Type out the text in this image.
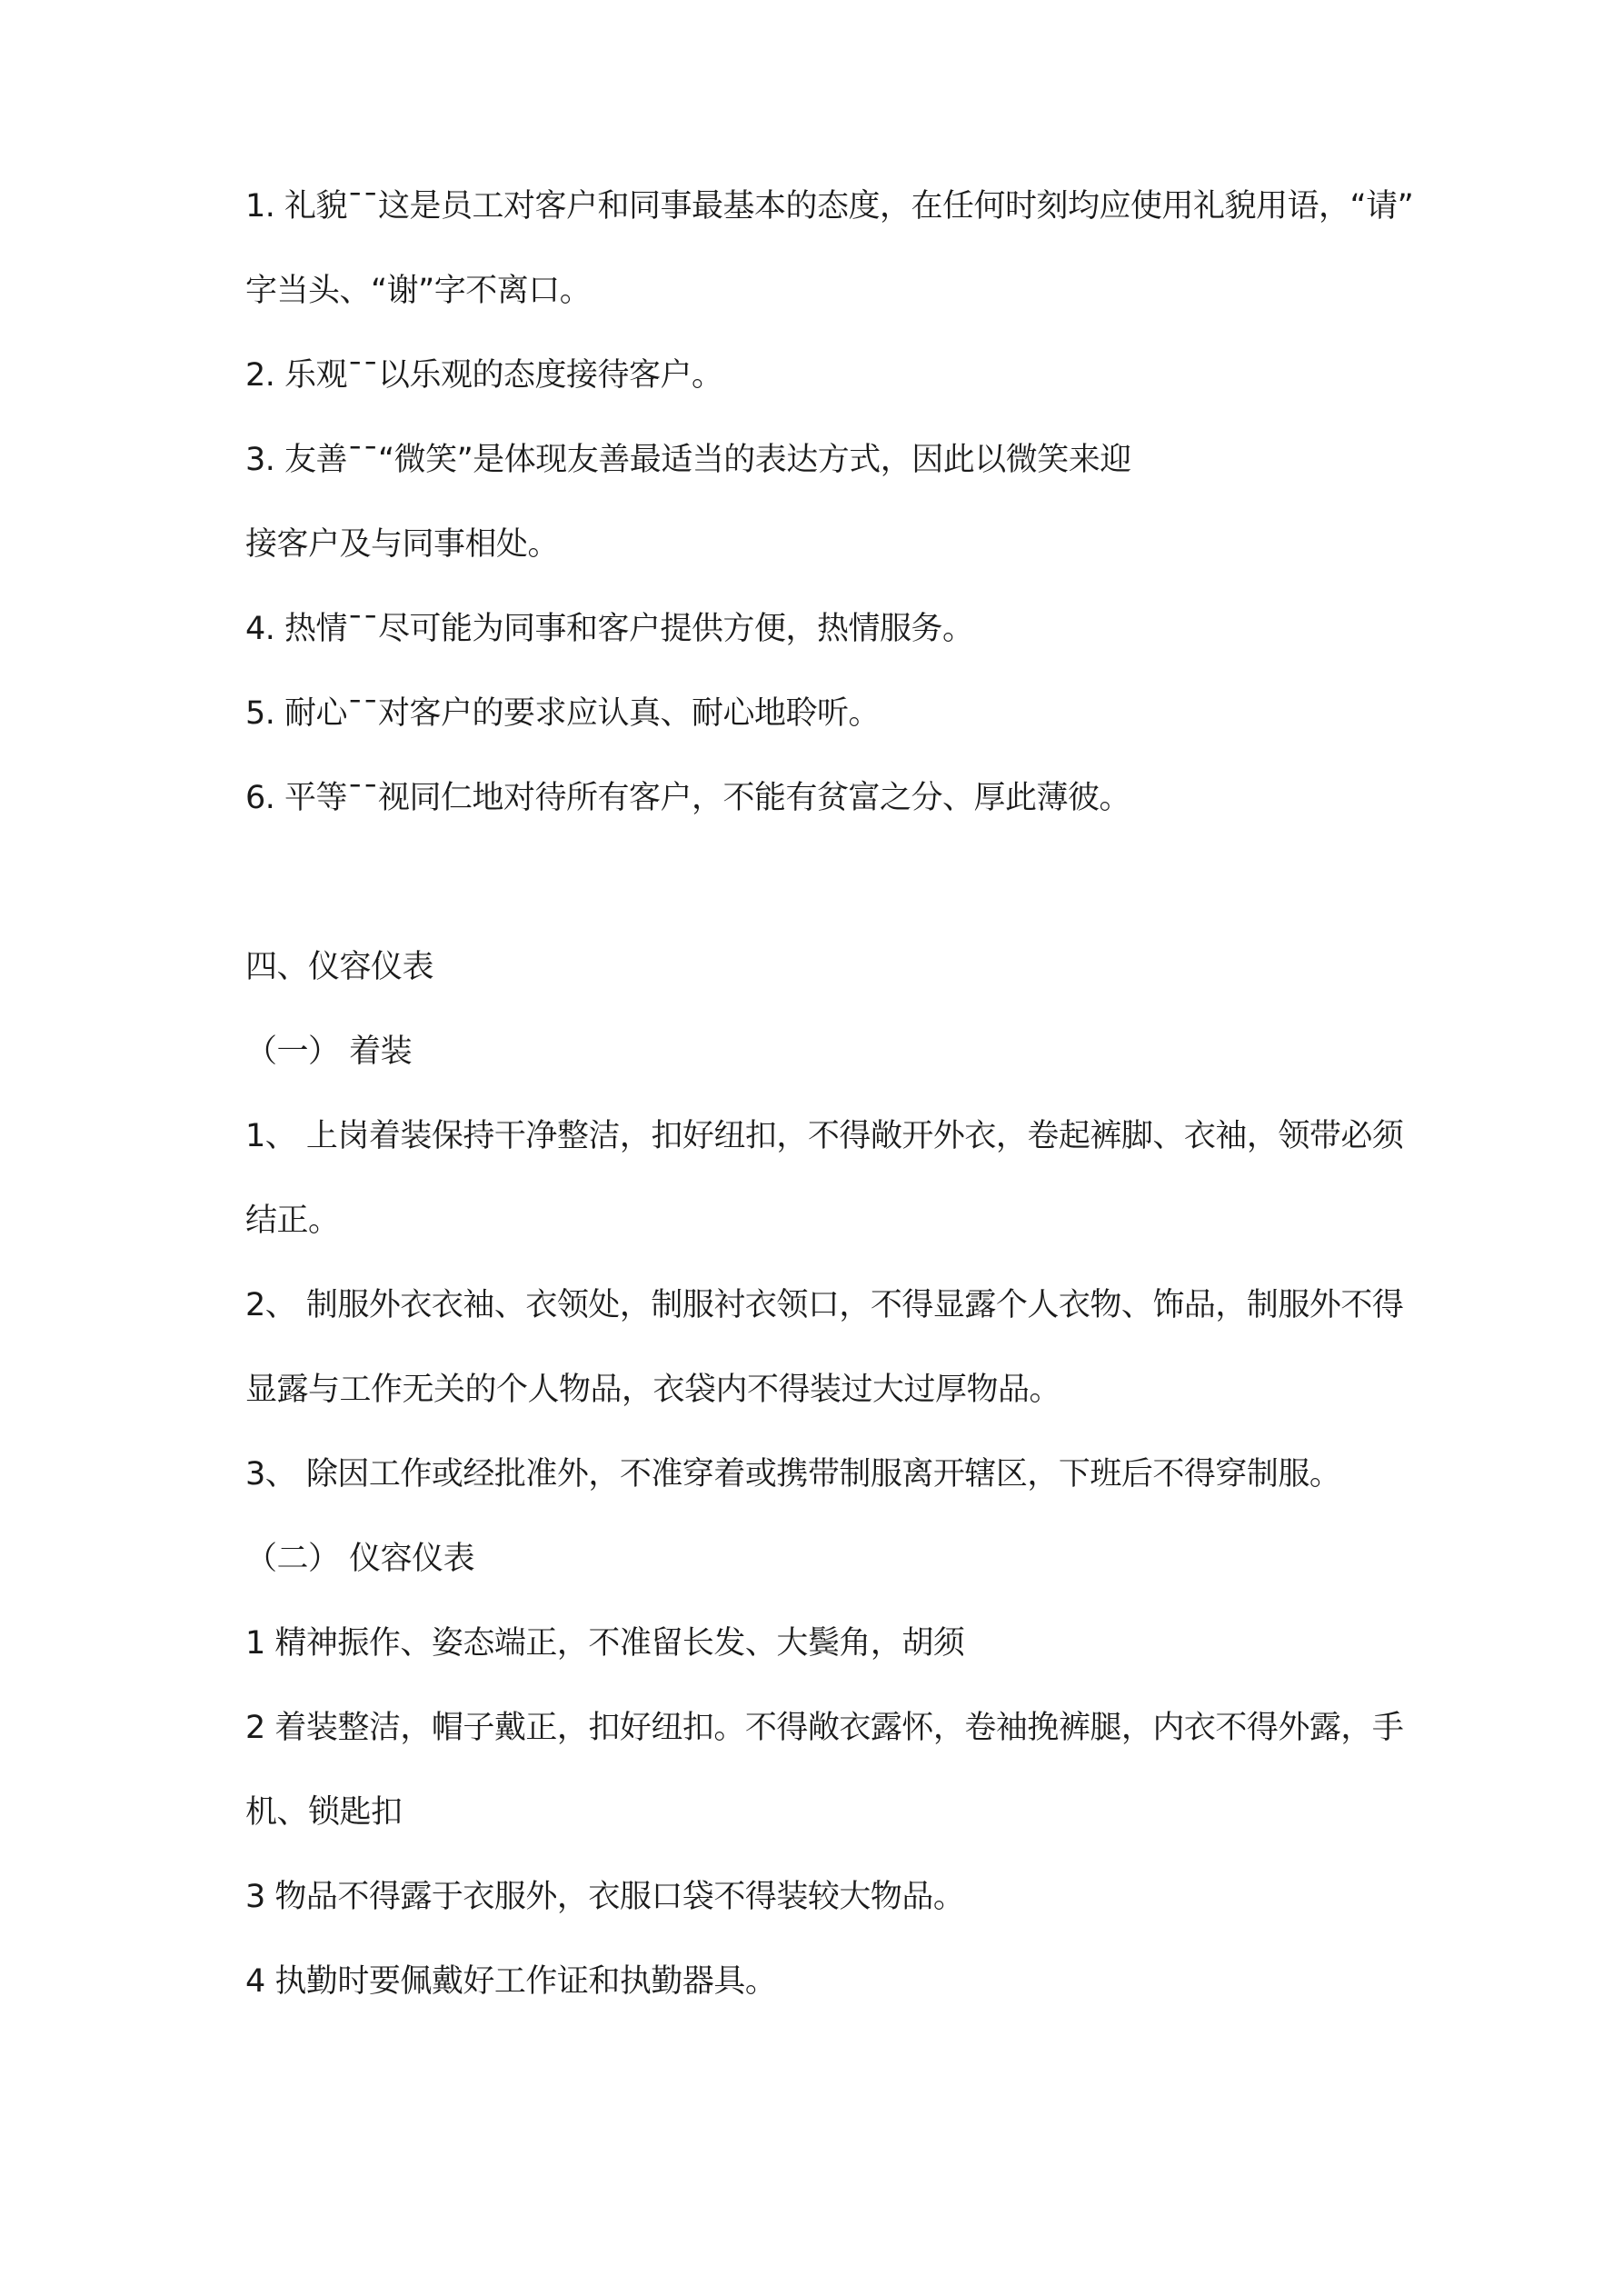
1. 礼貌¯¯这是员工对客户和同事最基本的态度，在任何时刻均应使用礼貌用语，“请”
字当头、“谢”字不离口。
2. 乐观¯¯以乐观的态度接待客户。
3. 友善¯¯“微笑”是体现友善最适当的表达方式，因此以微笑来迎
接客户及与同事相处。
4. 热情¯¯尽可能为同事和客户提供方便，热情服务。
5. 耐心¯¯对客户的要求应认真、耐心地聆听。
6. 平等¯¯视同仁地对待所有客户，不能有贫富之分、厚此薄彼。
四、仪容仪表
（一） 着装
1、 上岗着装保持干净整洁，扣好纽扣，不得敞开外衣，卷起裤脚、衣袖，领带必须
结正。
2、 制服外衣衣袖、衣领处，制服衬衣领口，不得显露个人衣物、饰品，制服外不得
显露与工作无关的个人物品，衣袋内不得装过大过厚物品。
3、 除因工作或经批准外，不准穿着或携带制服离开辖区，下班后不得穿制服。
（二） 仪容仪表
1 精神振作、姿态端正，不准留长发、大鬓角，胡须
2 着装整洁，帽子戴正，扣好纽扣。不得敞衣露怀，卷袖挽裤腿，内衣不得外露，手
机、锁匙扣
3 物品不得露于衣服外，衣服口袋不得装较大物品。
4 执勤时要佩戴好工作证和执勤器具。
